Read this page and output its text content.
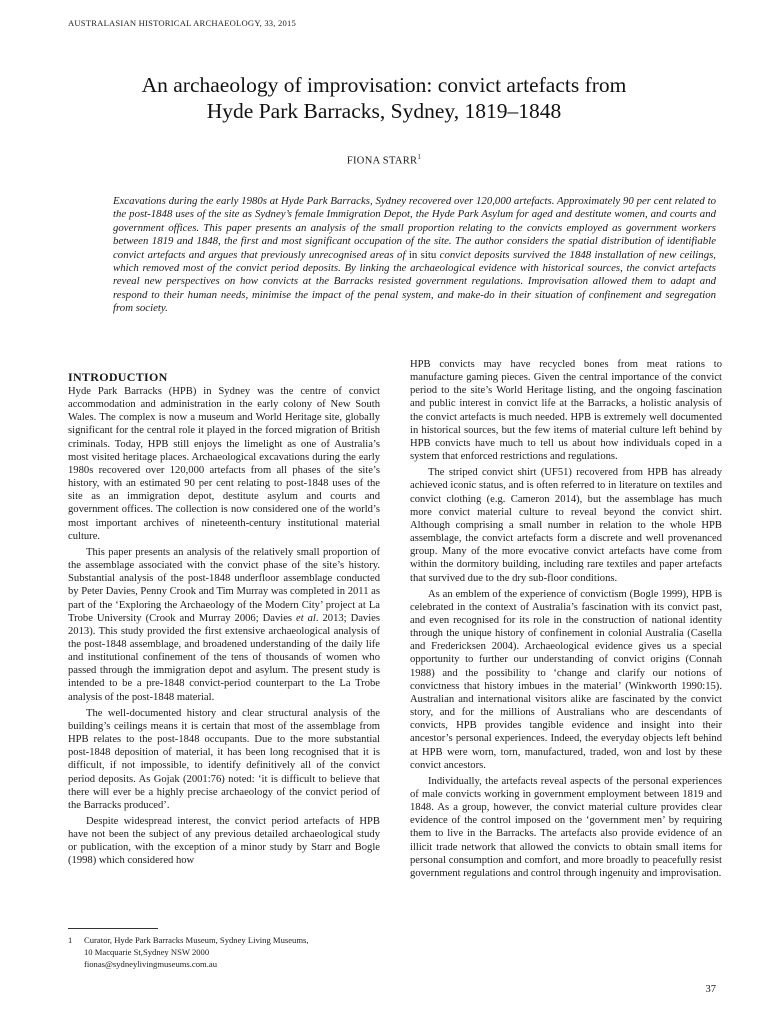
AUSTRALASIAN HISTORICAL ARCHAEOLOGY, 33, 2015
An archaeology of improvisation: convict artefacts from
Hyde Park Barracks, Sydney, 1819–1848
FIONA STARR$^1$

Excavations during the early 1980s at Hyde Park Barracks, Sydney recovered over 120,000 artefacts. Approximately 90 per cent related to the post-1848 uses of the site as Sydney’s female Immigration Depot, the Hyde Park Asylum for aged and destitute women, and courts and government offices. This paper presents an analysis of the small proportion relating to the convicts employed as government workers between 1819 and 1848, the first and most significant occupation of the site. The author considers the spatial distribution of identifiable convict artefacts and argues that previously unrecognised areas of in situ convict deposits survived the 1848 installation of new ceilings, which removed most of the convict period deposits. By linking the archaeological evidence with historical sources, the convict artefacts reveal new perspectives on how convicts at the Barracks resisted government regulations. Improvisation allowed them to adapt and respond to their human needs, minimise the impact of the penal system, and make-do in their situation of confinement and segregation from society.

INTRODUCTION

Hyde Park Barracks (HPB) in Sydney was the centre of convict accommodation and administration in the early colony of New South Wales. The complex is now a museum and World Heritage site, globally significant for the central role it played in the forced migration of British criminals. Today, HPB still enjoys the limelight as one of Australia’s most visited heritage places. Archaeological excavations during the early 1980s recovered over 120,000 artefacts from all phases of the site’s history, with an estimated 90 per cent relating to post-1848 uses of the site as an immigration depot, destitute asylum and courts and government offices. The collection is now considered one of the world’s most important archives of nineteenth-century institutional material culture.

This paper presents an analysis of the relatively small proportion of the assemblage associated with the convict phase of the site’s history. Substantial analysis of the post-1848 underfloor assemblage conducted by Peter Davies, Penny Crook and Tim Murray was completed in 2011 as part of the ‘Exploring the Archaeology of the Modern City’ project at La Trobe University (Crook and Murray 2006; Davies et al. 2013; Davies 2013). This study provided the first extensive archaeological analysis of the post-1848 assemblage, and broadened understanding of the daily life and institutional confinement of the tens of thousands of women who passed through the immigration depot and asylum. The present study is intended to be a pre-1848 convict-period counterpart to the La Trobe analysis of the post-1848 material.

The well-documented history and clear structural analysis of the building’s ceilings means it is certain that most of the assemblage from HPB relates to the post-1848 occupants. Due to the more substantial post-1848 deposition of material, it has been long recognised that it is difficult, if not impossible, to identify definitively all of the convict period deposits. As Gojak (2001:76) noted: ‘it is difficult to believe that there will ever be a highly precise archaeology of the convict period of the Barracks produced’.

Despite widespread interest, the convict period artefacts of HPB have not been the subject of any previous detailed archaeological study or publication, with the exception of a minor study by Starr and Bogle (1998) which considered how

HPB convicts may have recycled bones from meat rations to manufacture gaming pieces. Given the central importance of the convict period to the site’s World Heritage listing, and the ongoing fascination and public interest in convict life at the Barracks, a holistic analysis of the convict artefacts is much needed. HPB is extremely well documented in historical sources, but the few items of material culture left behind by HPB convicts have much to tell us about how individuals coped in a system that enforced restrictions and regulations.

The striped convict shirt (UF51) recovered from HPB has already achieved iconic status, and is often referred to in literature on textiles and convict clothing (e.g. Cameron 2014), but the assemblage has much more convict material culture to reveal beyond the convict shirt. Although comprising a small number in relation to the whole HPB assemblage, the convict artefacts form a discrete and well provenanced group. Many of the more evocative convict artefacts have come from within the dormitory building, including rare textiles and paper artefacts that survived due to the dry sub-floor conditions.

As an emblem of the experience of convictism (Bogle 1999), HPB is celebrated in the context of Australia’s fascination with its convict past, and even recognised for its role in the construction of national identity through the unique history of confinement in colonial Australia (Casella and Fredericksen 2004). Archaeological evidence gives us a special opportunity to further our understanding of convict origins (Connah 1988) and the possibility to ‘change and clarify our notions of convictness that history imbues in the material’ (Winkworth 1990:15). Australian and international visitors alike are fascinated by the convict story, and for the millions of Australians who are descendants of convicts, HPB provides tangible evidence and insight into their ancestor’s personal experiences. Indeed, the everyday objects left behind at HPB were worn, torn, manufactured, traded, won and lost by these convict ancestors.

Individually, the artefacts reveal aspects of the personal experiences of male convicts working in government employment between 1819 and 1848. As a group, however, the convict material culture provides clear evidence of the control imposed on the ‘government men’ by requiring them to live in the Barracks. The artefacts also provide evidence of an illicit trade network that allowed the convicts to obtain small items for personal consumption and comfort, and more broadly to peacefully resist government regulations and control through ingenuity and improvisation.

1 Curator, Hyde Park Barracks Museum, Sydney Living Museums,
10 Macquarie St,Sydney NSW 2000
fionas@sydneylivingmuseums.com.au
37
